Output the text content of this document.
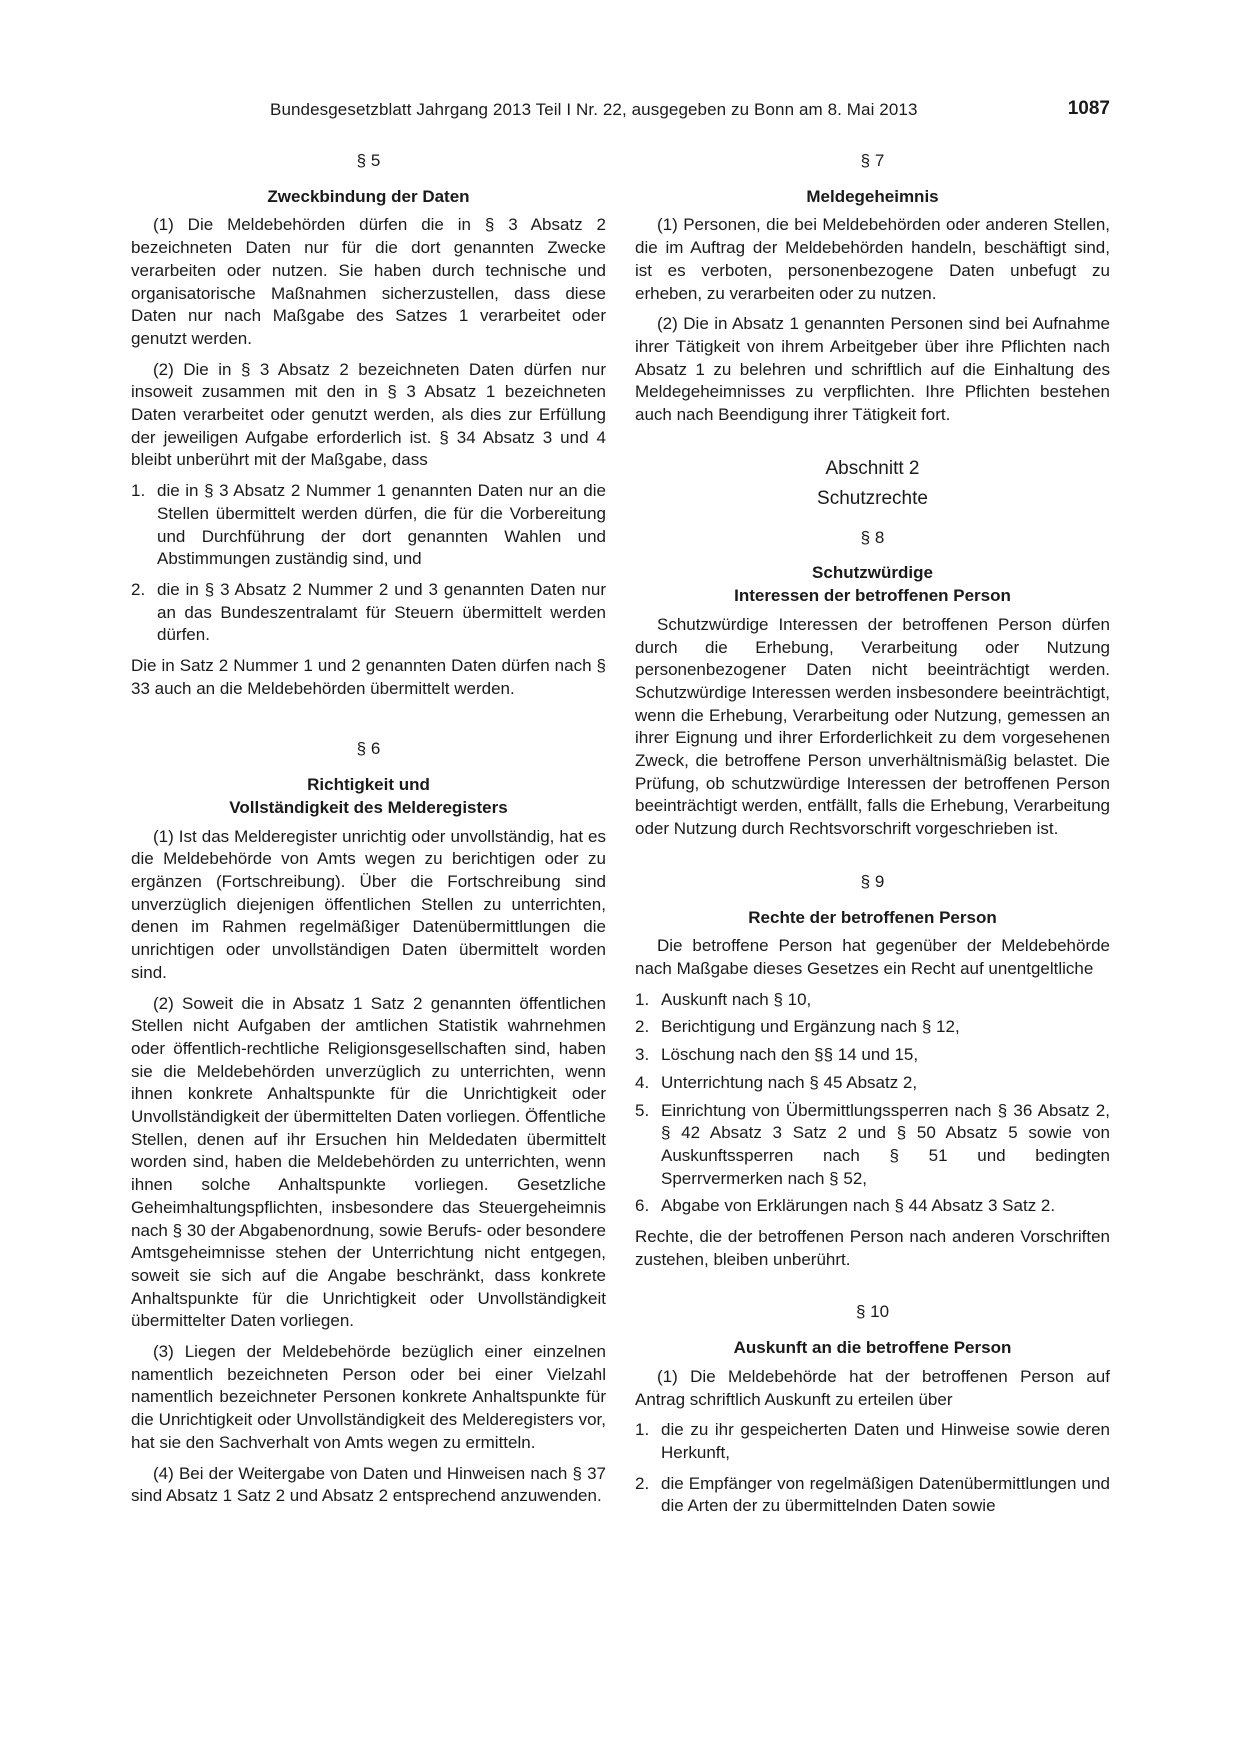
Bundesgesetzblatt Jahrgang 2013 Teil I Nr. 22, ausgegeben zu Bonn am 8. Mai 2013	1087
§ 5
Zweckbindung der Daten

(1) Die Meldebehörden dürfen die in § 3 Absatz 2 bezeichneten Daten nur für die dort genannten Zwecke verarbeiten oder nutzen. Sie haben durch technische und organisatorische Maßnahmen sicherzustellen, dass diese Daten nur nach Maßgabe des Satzes 1 verarbeitet oder genutzt werden.

(2) Die in § 3 Absatz 2 bezeichneten Daten dürfen nur insoweit zusammen mit den in § 3 Absatz 1 bezeichneten Daten verarbeitet oder genutzt werden, als dies zur Erfüllung der jeweiligen Aufgabe erforderlich ist. § 34 Absatz 3 und 4 bleibt unberührt mit der Maßgabe, dass

1. die in § 3 Absatz 2 Nummer 1 genannten Daten nur an die Stellen übermittelt werden dürfen, die für die Vorbereitung und Durchführung der dort genannten Wahlen und Abstimmungen zuständig sind, und
2. die in § 3 Absatz 2 Nummer 2 und 3 genannten Daten nur an das Bundeszentralamt für Steuern übermittelt werden dürfen.

Die in Satz 2 Nummer 1 und 2 genannten Daten dürfen nach § 33 auch an die Meldebehörden übermittelt werden.

§ 6
Richtigkeit und
Vollständigkeit des Melderegisters

(1) Ist das Melderegister unrichtig oder unvollständig, hat es die Meldebehörde von Amts wegen zu berichtigen oder zu ergänzen (Fortschreibung). Über die Fortschreibung sind unverzüglich diejenigen öffentlichen Stellen zu unterrichten, denen im Rahmen regelmäßiger Datenübermittlungen die unrichtigen oder unvollständigen Daten übermittelt worden sind.

(2) Soweit die in Absatz 1 Satz 2 genannten öffentlichen Stellen nicht Aufgaben der amtlichen Statistik wahrnehmen oder öffentlich-rechtliche Religionsgesellschaften sind, haben sie die Meldebehörden unverzüglich zu unterrichten, wenn ihnen konkrete Anhaltspunkte für die Unrichtigkeit oder Unvollständigkeit der übermittelten Daten vorliegen. Öffentliche Stellen, denen auf ihr Ersuchen hin Meldedaten übermittelt worden sind, haben die Meldebehörden zu unterrichten, wenn ihnen solche Anhaltspunkte vorliegen. Gesetzliche Geheimhaltungspflichten, insbesondere das Steuergeheimnis nach § 30 der Abgabenordnung, sowie Berufs- oder besondere Amtsgeheimnisse stehen der Unterrichtung nicht entgegen, soweit sie sich auf die Angabe beschränkt, dass konkrete Anhaltspunkte für die Unrichtigkeit oder Unvollständigkeit übermittelter Daten vorliegen.

(3) Liegen der Meldebehörde bezüglich einer einzelnen namentlich bezeichneten Person oder bei einer Vielzahl namentlich bezeichneter Personen konkrete Anhaltspunkte für die Unrichtigkeit oder Unvollständigkeit des Melderegisters vor, hat sie den Sachverhalt von Amts wegen zu ermitteln.

(4) Bei der Weitergabe von Daten und Hinweisen nach § 37 sind Absatz 1 Satz 2 und Absatz 2 entsprechend anzuwenden.

§ 7
Meldegeheimnis

(1) Personen, die bei Meldebehörden oder anderen Stellen, die im Auftrag der Meldebehörden handeln, beschäftigt sind, ist es verboten, personenbezogene Daten unbefugt zu erheben, zu verarbeiten oder zu nutzen.

(2) Die in Absatz 1 genannten Personen sind bei Aufnahme ihrer Tätigkeit von ihrem Arbeitgeber über ihre Pflichten nach Absatz 1 zu belehren und schriftlich auf die Einhaltung des Meldegeheimnisses zu verpflichten. Ihre Pflichten bestehen auch nach Beendigung ihrer Tätigkeit fort.

Abschnitt 2
Schutzrechte
§ 8
Schutzwürdige
Interessen der betroffenen Person

Schutzwürdige Interessen der betroffenen Person dürfen durch die Erhebung, Verarbeitung oder Nutzung personenbezogener Daten nicht beeinträchtigt werden. Schutzwürdige Interessen werden insbesondere beeinträchtigt, wenn die Erhebung, Verarbeitung oder Nutzung, gemessen an ihrer Eignung und ihrer Erforderlichkeit zu dem vorgesehenen Zweck, die betroffene Person unverhältnismäßig belastet. Die Prüfung, ob schutzwürdige Interessen der betroffenen Person beeinträchtigt werden, entfällt, falls die Erhebung, Verarbeitung oder Nutzung durch Rechtsvorschrift vorgeschrieben ist.

§ 9
Rechte der betroffenen Person

Die betroffene Person hat gegenüber der Meldebehörde nach Maßgabe dieses Gesetzes ein Recht auf unentgeltliche

1. Auskunft nach § 10,
2. Berichtigung und Ergänzung nach § 12,
3. Löschung nach den §§ 14 und 15,
4. Unterrichtung nach § 45 Absatz 2,
5. Einrichtung von Übermittlungssperren nach § 36 Absatz 2, § 42 Absatz 3 Satz 2 und § 50 Absatz 5 sowie von Auskunftssperren nach § 51 und bedingten Sperrvermerken nach § 52,
6. Abgabe von Erklärungen nach § 44 Absatz 3 Satz 2.

Rechte, die der betroffenen Person nach anderen Vorschriften zustehen, bleiben unberührt.

§ 10
Auskunft an die betroffene Person

(1) Die Meldebehörde hat der betroffenen Person auf Antrag schriftlich Auskunft zu erteilen über

1. die zu ihr gespeicherten Daten und Hinweise sowie deren Herkunft,
2. die Empfänger von regelmäßigen Datenübermittlungen und die Arten der zu übermittelnden Daten sowie
